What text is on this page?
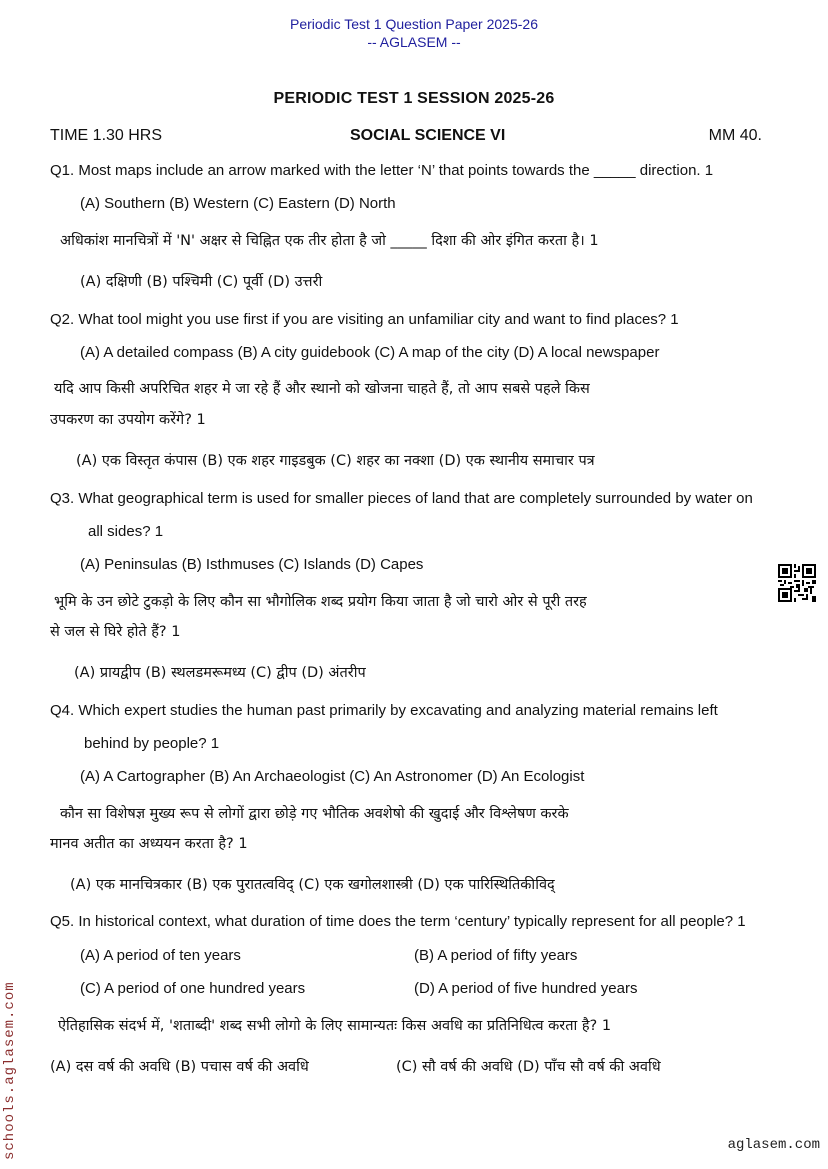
Periodic Test 1 Question Paper 2025-26
-- AGLASEM --
PERIODIC TEST 1 SESSION 2025-26
TIME 1.30 HRS	SOCIAL SCIENCE VI	MM 40.
Q1. Most maps include an arrow marked with the letter ‘N’ that points towards the _____ direction. 1
(A) Southern (B) Western (C) Eastern (D) North
अधिकांश मानचित्रों में 'N' अक्षर से चिह्नित एक तीर होता है जो _____ दिशा की ओर इंगित करता है। 1
(A) दक्षिणी (B) पश्चिमी (C) पूर्वी (D) उत्तरी
Q2. What tool might you use first if you are visiting an unfamiliar city and want to find places? 1
(A) A detailed compass (B) A city guidebook (C) A map of the city (D) A local newspaper
यदि आप किसी अपरिचित शहर मे जा रहे हैं और स्थानो को खोजना चाहते हैं, तो आप सबसे पहले किस
उपकरण का उपयोग करेंगे? 1
(A) एक विस्तृत कंपास (B) एक शहर गाइडबुक (C) शहर का नक्शा (D) एक स्थानीय समाचार पत्र
Q3. What geographical term is used for smaller pieces of land that are completely surrounded by water on
all sides? 1
(A) Peninsulas (B) Isthmuses (C) Islands (D) Capes
भूमि के उन छोटे टुकड़ो के लिए कौन सा भौगोलिक शब्द प्रयोग किया जाता है जो चारो ओर से पूरी तरह
से जल से घिरे होते हैं? 1
(A) प्रायद्वीप (B) स्थलडमरूमध्य (C) द्वीप (D) अंतरीप
Q4. Which expert studies the human past primarily by excavating and analyzing material remains left
behind by people? 1
(A) A Cartographer (B) An Archaeologist (C) An Astronomer (D) An Ecologist
कौन सा विशेषज्ञ मुख्य रूप से लोगों द्वारा छोड़े गए भौतिक अवशेषो की खुदाई और विश्लेषण करके
मानव अतीत का अध्ययन करता है? 1
(A) एक मानचित्रकार (B) एक पुरातत्वविद् (C) एक खगोलशास्त्री (D) एक पारिस्थितिकीविद्
Q5. In historical context, what duration of time does the term ‘century’ typically represent for all people? 1
(A) A period of ten years	(B) A period of fifty years
(C) A period of one hundred years	(D) A period of five hundred years
ऐतिहासिक संदर्भ में, 'शताब्दी' शब्द सभी लोगो के लिए सामान्यतः किस अवधि का प्रतिनिधित्व करता है? 1
(A) दस वर्ष की अवधि (B) पचास वर्ष की अवधि	(C) सौ वर्ष की अवधि (D) पाँच सौ वर्ष की अवधि
schools.aglasem.com	aglasem.com
